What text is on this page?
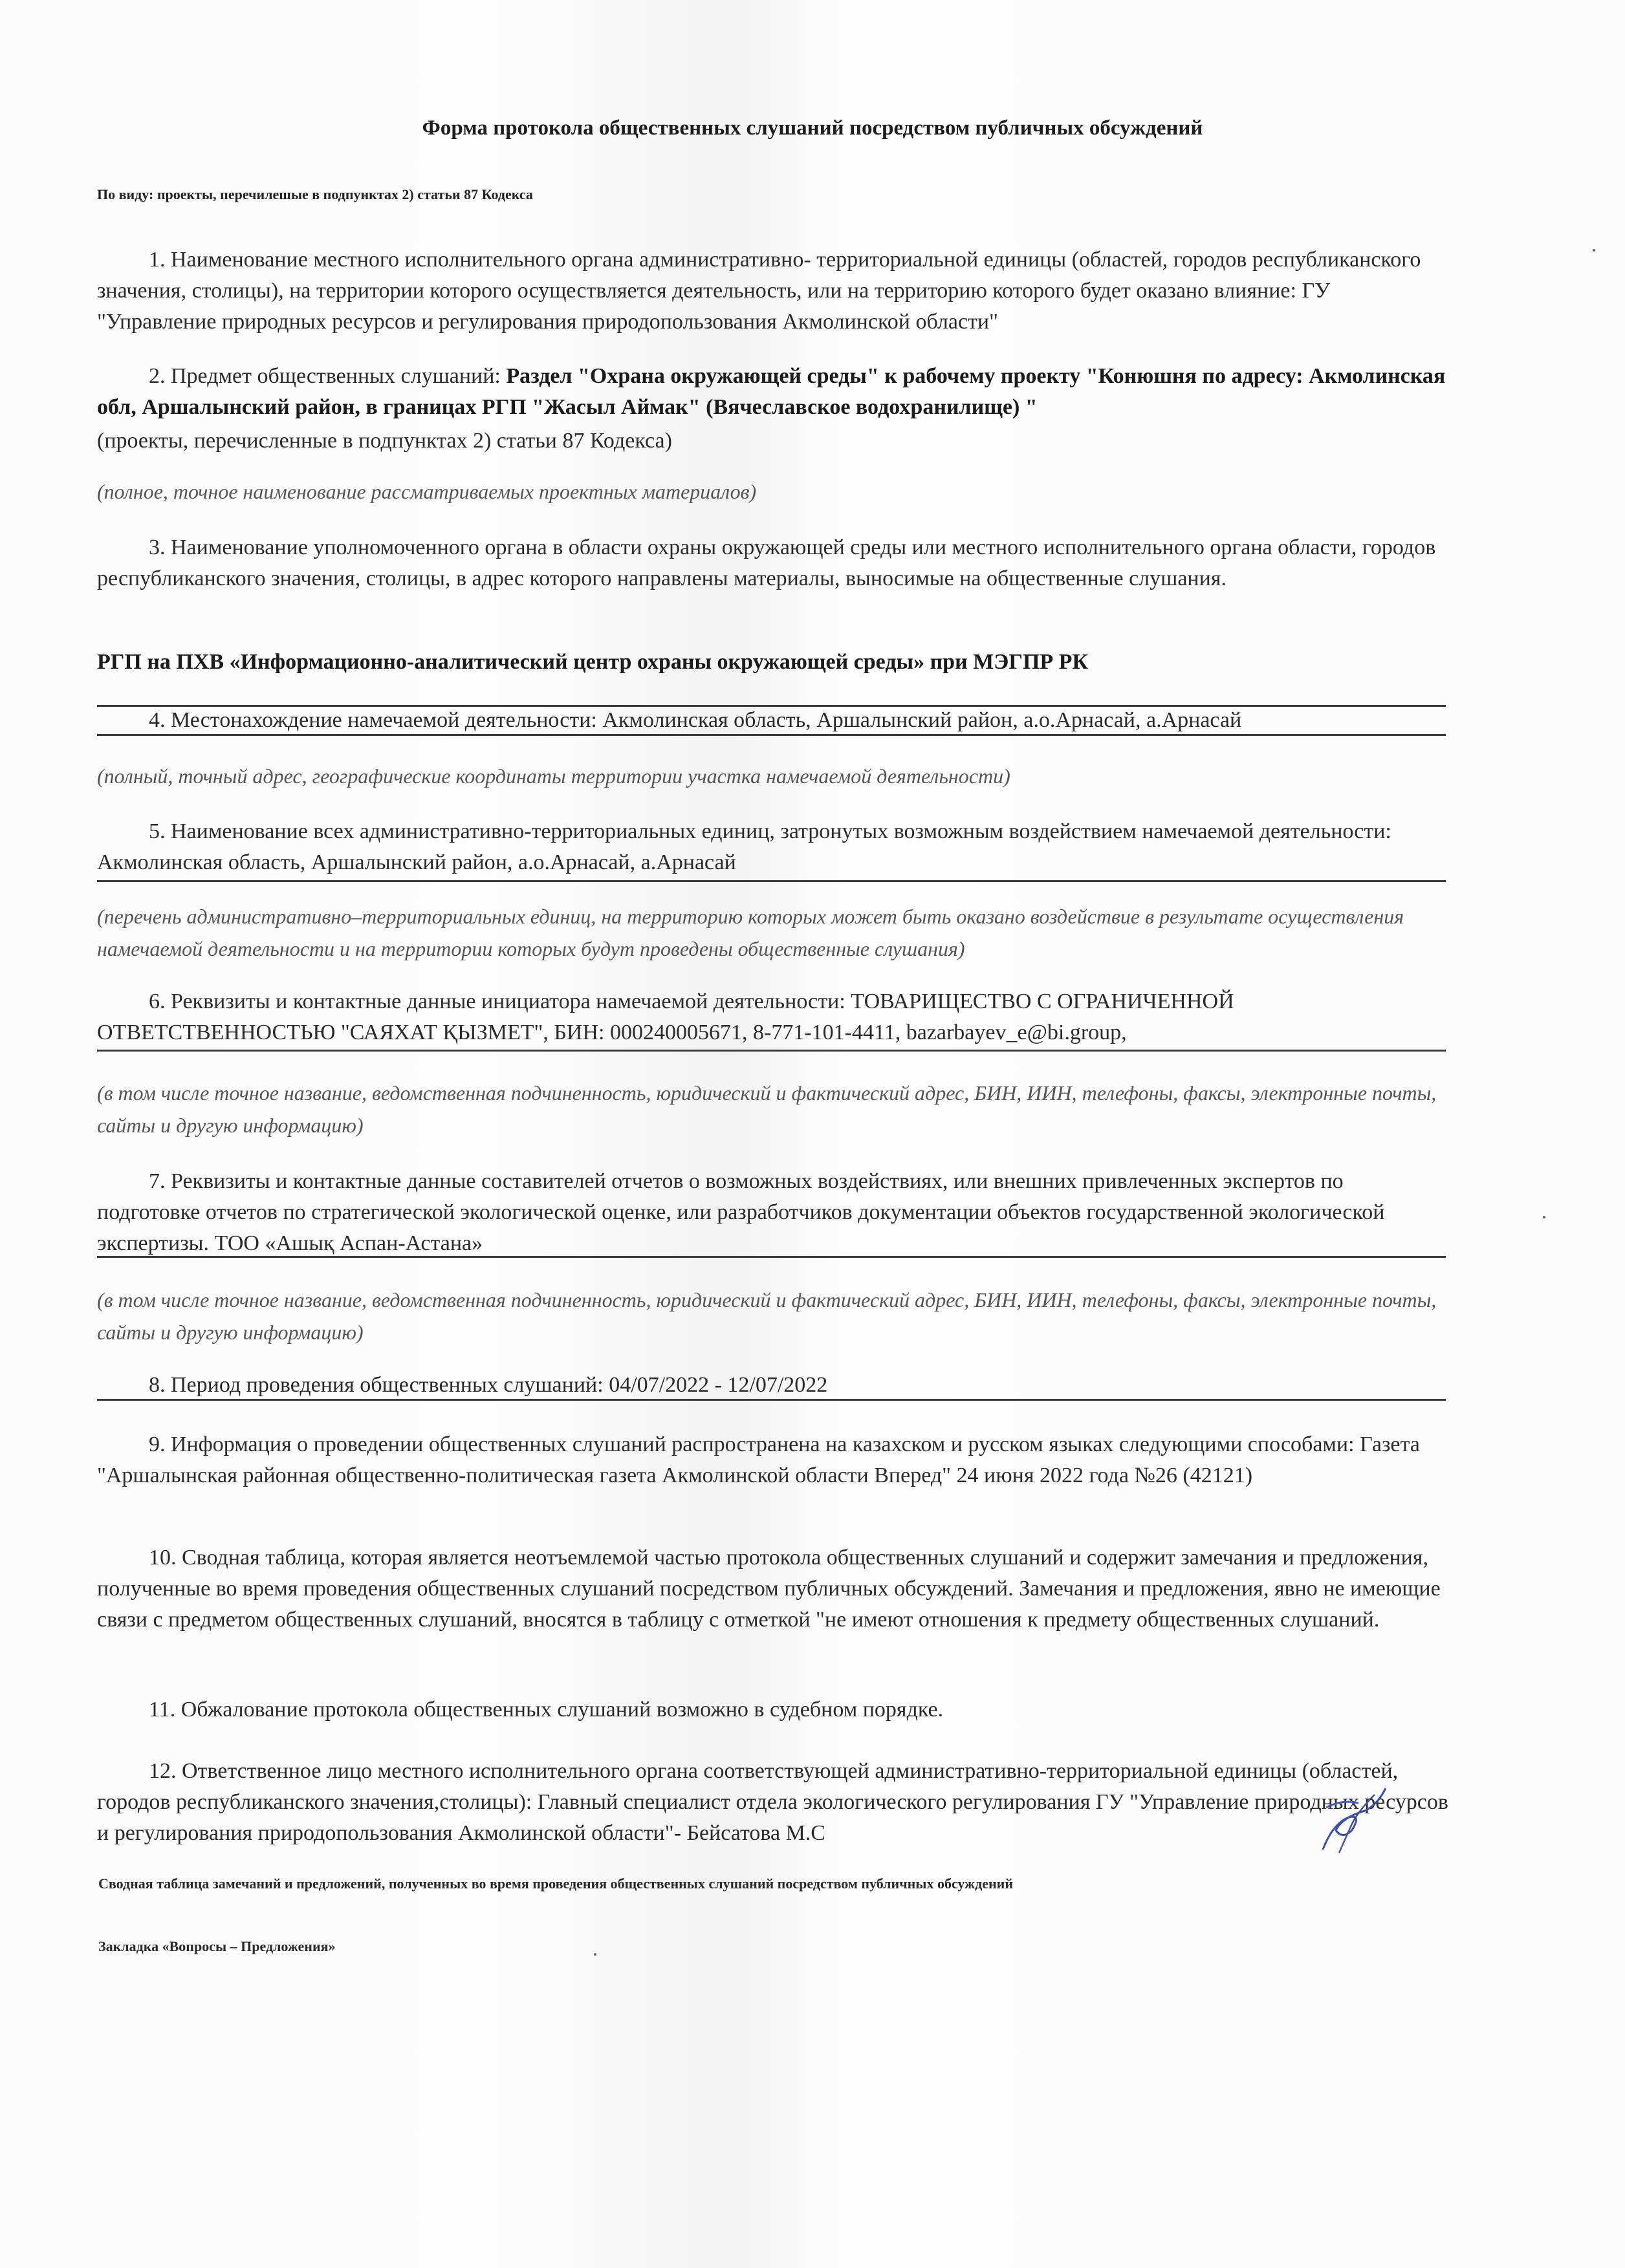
Форма протокола общественных слушаний посредством публичных обсуждений
По виду: проекты, перечилешые в подпунктах 2) статьи 87 Кодекса
1. Наименование местного исполнительного органа административно- территориальной единицы (областей, городов республиканского значения, столицы), на территории которого осуществляется деятельность, или на территорию которого будет оказано влияние: ГУ "Управление природных ресурсов и регулирования природопользования Акмолинской области"
2. Предмет общественных слушаний: Раздел "Охрана окружающей среды" к рабочему проекту "Конюшня по адресу: Акмолинская обл, Аршалынский район, в границах РГП "Жасыл Аймак" (Вячеславское водохранилище) "
(проекты, перечисленные в подпунктах 2) статьи 87 Кодекса)
(полное, точное наименование рассматриваемых проектных материалов)
3. Наименование уполномоченного органа в области охраны окружающей среды или местного исполнительного органа области, городов республиканского значения, столицы, в адрес которого направлены материалы, выносимые на общественные слушания.
РГП на ПХВ «Информационно-аналитический центр охраны окружающей среды» при МЭГПР РК
4. Местонахождение намечаемой деятельности: Акмолинская область, Аршалынский район, а.о.Арнасай, а.Арнасай
(полный, точный адрес, географические координаты территории участка намечаемой деятельности)
5. Наименование всех административно-территориальных единиц, затронутых возможным воздействием намечаемой деятельности: Акмолинская область, Аршалынский район, а.о.Арнасай, а.Арнасай
(перечень административно–территориальных единиц, на территорию которых может быть оказано воздействие в результате осуществления намечаемой деятельности и на территории которых будут проведены общественные слушания)
6. Реквизиты и контактные данные инициатора намечаемой деятельности: ТОВАРИЩЕСТВО С ОГРАНИЧЕННОЙ ОТВЕТСТВЕННОСТЬЮ "САЯХАТ ҚЫЗМЕТ", БИН: 000240005671, 8-771-101-4411, bazarbayev_e@bi.group,
(в том числе точное название, ведомственная подчиненность, юридический и фактический адрес, БИН, ИИН, телефоны, факсы, электронные почты, сайты и другую информацию)
7. Реквизиты и контактные данные составителей отчетов о возможных воздействиях, или внешних привлеченных экспертов по подготовке отчетов по стратегической экологической оценке, или разработчиков документации объектов государственной экологической экспертизы. ТОО «Ашық Аспан-Астана»
(в том числе точное название, ведомственная подчиненность, юридический и фактический адрес, БИН, ИИН, телефоны, факсы, электронные почты, сайты и другую информацию)
8. Период проведения общественных слушаний: 04/07/2022 - 12/07/2022
9. Информация о проведении общественных слушаний распространена на казахском и русском языках следующими способами: Газета "Аршалынская районная общественно-политическая газета Акмолинской области Вперед" 24 июня 2022 года №26 (42121)
10. Сводная таблица, которая является неотъемлемой частью протокола общественных слушаний и содержит замечания и предложения, полученные во время проведения общественных слушаний посредством публичных обсуждений. Замечания и предложения, явно не имеющие связи с предметом общественных слушаний, вносятся в таблицу с отметкой "не имеют отношения к предмету общественных слушаний.
11. Обжалование протокола общественных слушаний возможно в судебном порядке.
12. Ответственное лицо местного исполнительного органа соответствующей административно-территориальной единицы (областей, городов республиканского значения,столицы): Главный специалист отдела экологического регулирования ГУ "Управление природных ресурсов и регулирования природопользования Акмолинской области"- Бейсатова М.С
Сводная таблица замечаний и предложений, полученных во время проведения общественных слушаний посредством публичных обсуждений
Закладка «Вопросы – Предложения»
